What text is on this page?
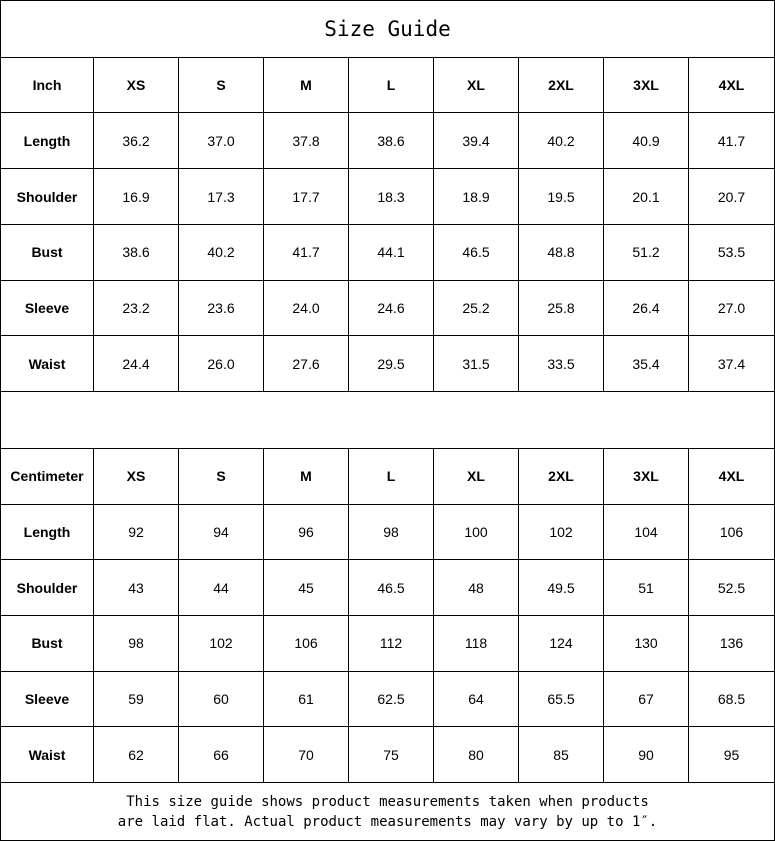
Size Guide								
Inch	XS	S	M	L	XL	2XL	3XL	4XL
Length	36.2	37.0	37.8	38.6	39.4	40.2	40.9	41.7
Shoulder	16.9	17.3	17.7	18.3	18.9	19.5	20.1	20.7
Bust	38.6	40.2	41.7	44.1	46.5	48.8	51.2	53.5
Sleeve	23.2	23.6	24.0	24.6	25.2	25.8	26.4	27.0
Waist	24.4	26.0	27.6	29.5	31.5	33.5	35.4	37.4

Centimeter	XS	S	M	L	XL	2XL	3XL	4XL
Length	92	94	96	98	100	102	104	106
Shoulder	43	44	45	46.5	48	49.5	51	52.5
Bust	98	102	106	112	118	124	130	136
Sleeve	59	60	61	62.5	64	65.5	67	68.5
Waist	62	66	70	75	80	85	90	95

This size guide shows product measurements taken when products
are laid flat. Actual product measurements may vary by up to 1″.								
